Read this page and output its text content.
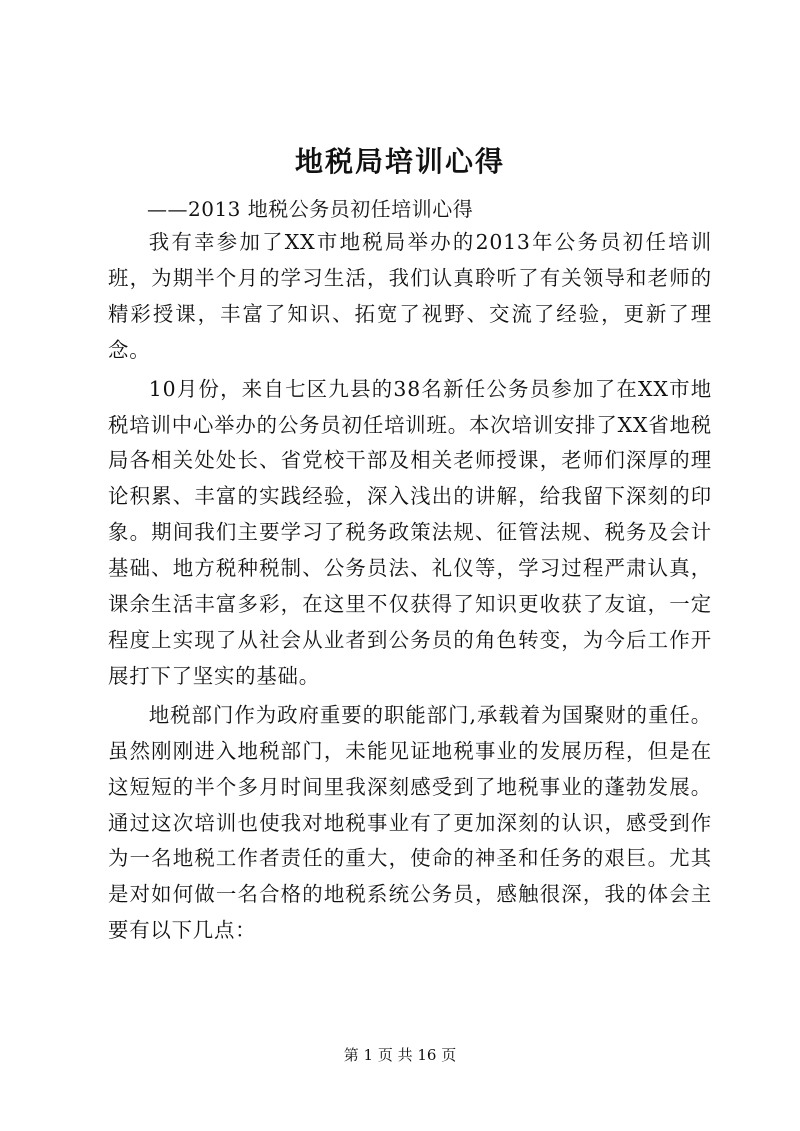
地税局培训心得

——2013 地税公务员初任培训心得

我有幸参加了XX市地税局举办的2013年公务员初任培训班，为期半个月的学习生活，我们认真聆听了有关领导和老师的精彩授课，丰富了知识、拓宽了视野、交流了经验，更新了理念。

10月份，来自七区九县的38名新任公务员参加了在XX市地税培训中心举办的公务员初任培训班。本次培训安排了XX省地税局各相关处处长、省党校干部及相关老师授课，老师们深厚的理论积累、丰富的实践经验，深入浅出的讲解，给我留下深刻的印象。期间我们主要学习了税务政策法规、征管法规、税务及会计基础、地方税种税制、公务员法、礼仪等，学习过程严肃认真，课余生活丰富多彩，在这里不仅获得了知识更收获了友谊，一定程度上实现了从社会从业者到公务员的角色转变，为今后工作开展打下了坚实的基础。

地税部门作为政府重要的职能部门,承载着为国聚财的重任。虽然刚刚进入地税部门，未能见证地税事业的发展历程，但是在这短短的半个多月时间里我深刻感受到了地税事业的蓬勃发展。通过这次培训也使我对地税事业有了更加深刻的认识，感受到作为一名地税工作者责任的重大，使命的神圣和任务的艰巨。尤其是对如何做一名合格的地税系统公务员，感触很深，我的体会主要有以下几点：

第 1 页 共 16 页
